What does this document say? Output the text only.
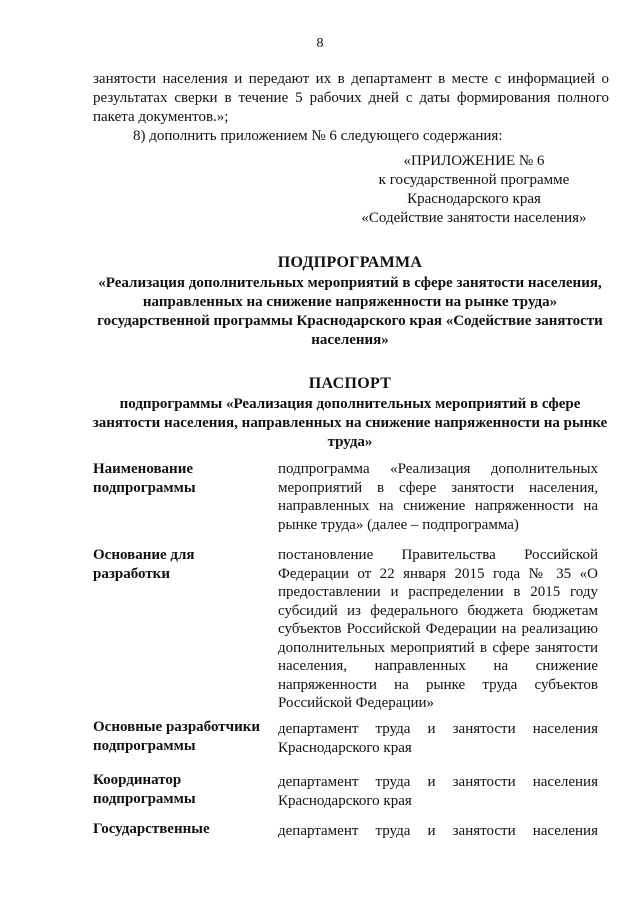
8
занятости населения и передают их в департамент в месте с информацией о
результатах сверки в течение 5 рабочих дней с даты формирования полного
пакета документов.»;
8) дополнить приложением № 6 следующего содержания:
«ПРИЛОЖЕНИЕ № 6
к государственной программе
Краснодарского края
«Содействие занятости населения»
ПОДПРОГРАММА
«Реализация дополнительных мероприятий в сфере занятости населения,
направленных на снижение напряженности на рынке труда»
государственной программы Краснодарского края «Содействие занятости
населения»
ПАСПОРТ
подпрограммы «Реализация дополнительных мероприятий в сфере
занятости населения, направленных на снижение напряженности на рынке
труда»
Наименование
подпрограммы
подпрограмма «Реализация дополнительных
мероприятий в сфере занятости населения,
направленных на снижение напряженности на
рынке труда» (далее – подпрограмма)
Основание для
разработки
постановление Правительства Российской
Федерации от 22 января 2015 года № 35 «О
предоставлении и распределении в 2015 году
субсидий из федерального бюджета бюджетам
субъектов Российской Федерации на реализацию
дополнительных мероприятий в сфере занятости
населения, направленных на снижение
напряженности на рынке труда субъектов
Российской Федерации»
Основные разработчики
подпрограммы
департамент труда и занятости населения
Краснодарского края
Координатор
подпрограммы
департамент труда и занятости населения
Краснодарского края
Государственные	департамент труда и занятости населения
